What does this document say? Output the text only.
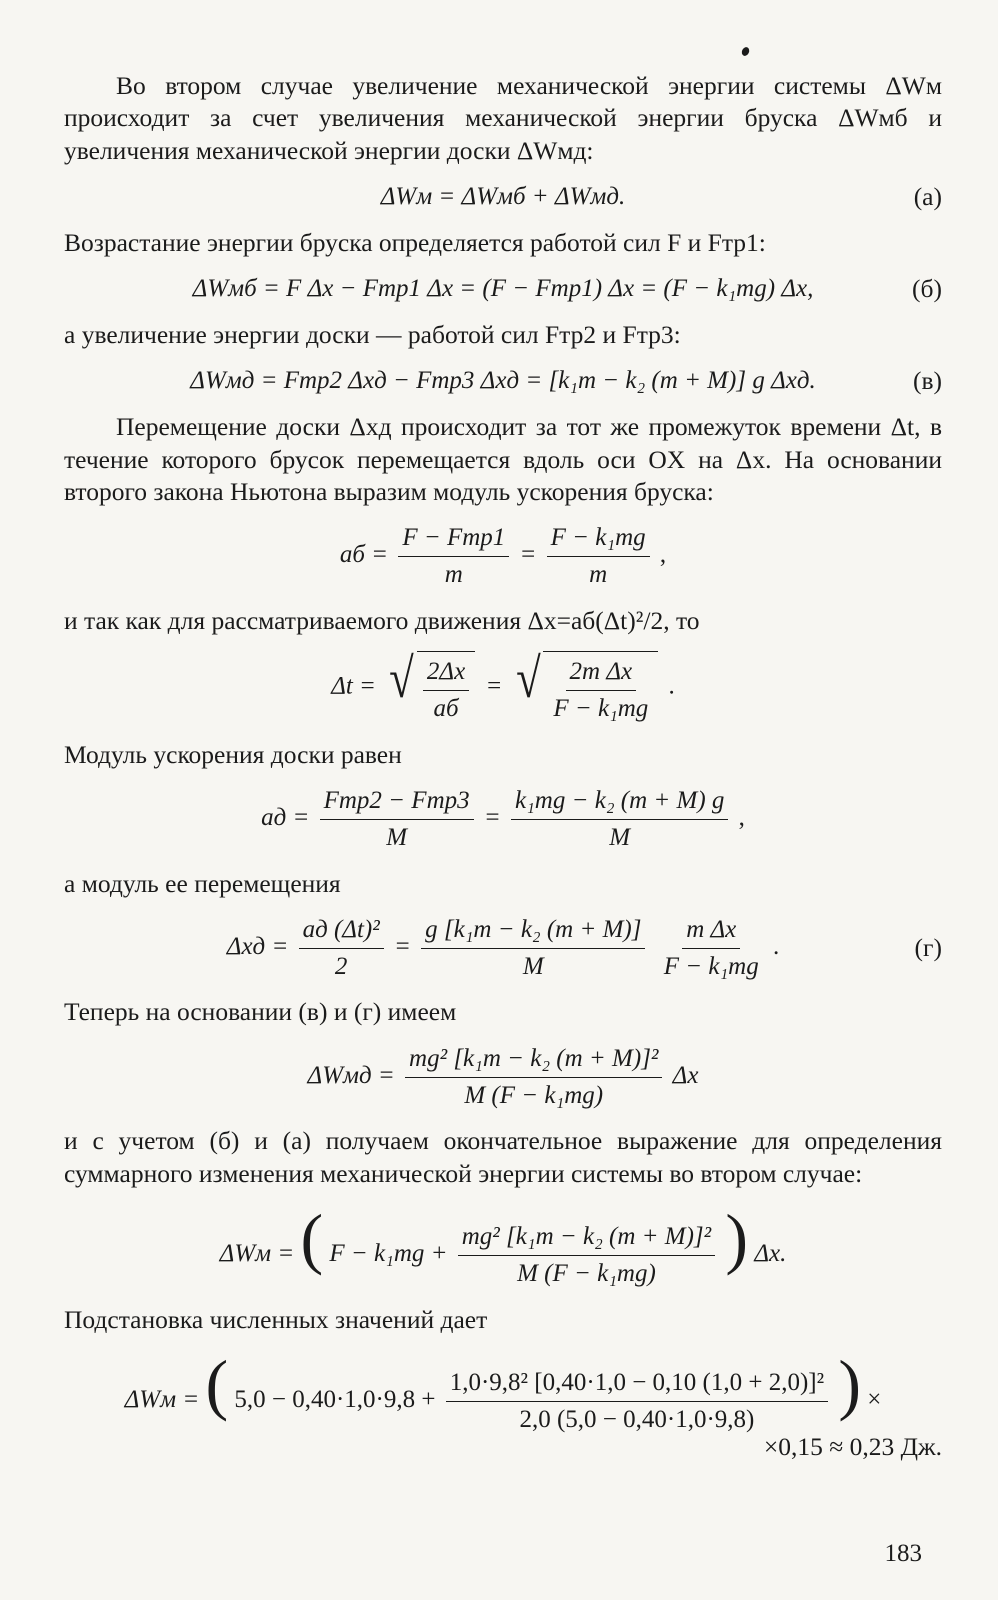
Во втором случае увеличение механической энергии системы ΔWм происходит за счет увеличения механической энергии бруска ΔWмб и увеличения механической энергии доски ΔWмд:

ΔWм = ΔWмб + ΔWмд.	(а)

Возрастание энергии бруска определяется работой сил F и Fтр1:

ΔWмб = F Δx − Fтр1 Δx = (F − Fтр1) Δx = (F − k₁mg) Δx,	(б)

а увеличение энергии доски — работой сил Fтр2 и Fтр3:

ΔWмд = Fтр2 Δxд − Fтр3 Δxд = [k₁m − k₂ (m + M)] g Δxд.	(в)

Перемещение доски Δxд происходит за тот же промежуток времени Δt, в течение которого брусок перемещается вдоль оси OX на Δx. На основании второго закона Ньютона выразим модуль ускорения бруска:

aб = $\frac{\text{F − Fтр1}}{m} = \frac{\text{F − k₁mg}}{m}$ ,

и так как для рассматриваемого движения Δx=aб(Δt)²/2, то

Δt = √ $\frac{2\Delta x}{aб}$ = √ $\frac{\text{2m Δx}}{\text{F − k₁mg}}$ .

Модуль ускорения доски равен

aд = $\frac{\text{Fтр2 − Fтр3}}{M} = \frac{\text{k₁mg − k₂ (m + M) g}}{M}$ ,

а модуль ее перемещения

$\Delta xд = \frac{\text{aд (Δt)²}}{2} = \frac{\text{g [k₁m − k₂ (m + M)]}}{M}$
$\frac{\text{m Δx}}{\text{F − k₁mg}}$ .	(г)

Теперь на основании (в) и (г) имеем

$\Delta Wмд = \frac{\text{mg² [k₁m − k₂ (m + M)]²}}{\text{M (F − k₁mg)}}$ Δx

и с учетом (б) и (а) получаем окончательное выражение для определения суммарного изменения механической энергии системы во втором случае:

ΔWм = ( $F - k_1mg + \frac{\text{mg² [k₁m − k₂ (m + M)]²}}{\text{M (F − k₁mg)}}$ ) Δx.

Подстановка численных значений дает

ΔWм = ( $5,0 - 0,40\cdot 1,0\cdot 9,8 + \frac{\text{1,0·9,8² [0,40·1,0 − 0,10 (1,0 + 2,0)]²}}{2,0 (5,0 - 0,40\cdot 1,0\cdot 9,8)}$ ) ×
×0,15 ≈ 0,23 Дж.
183
